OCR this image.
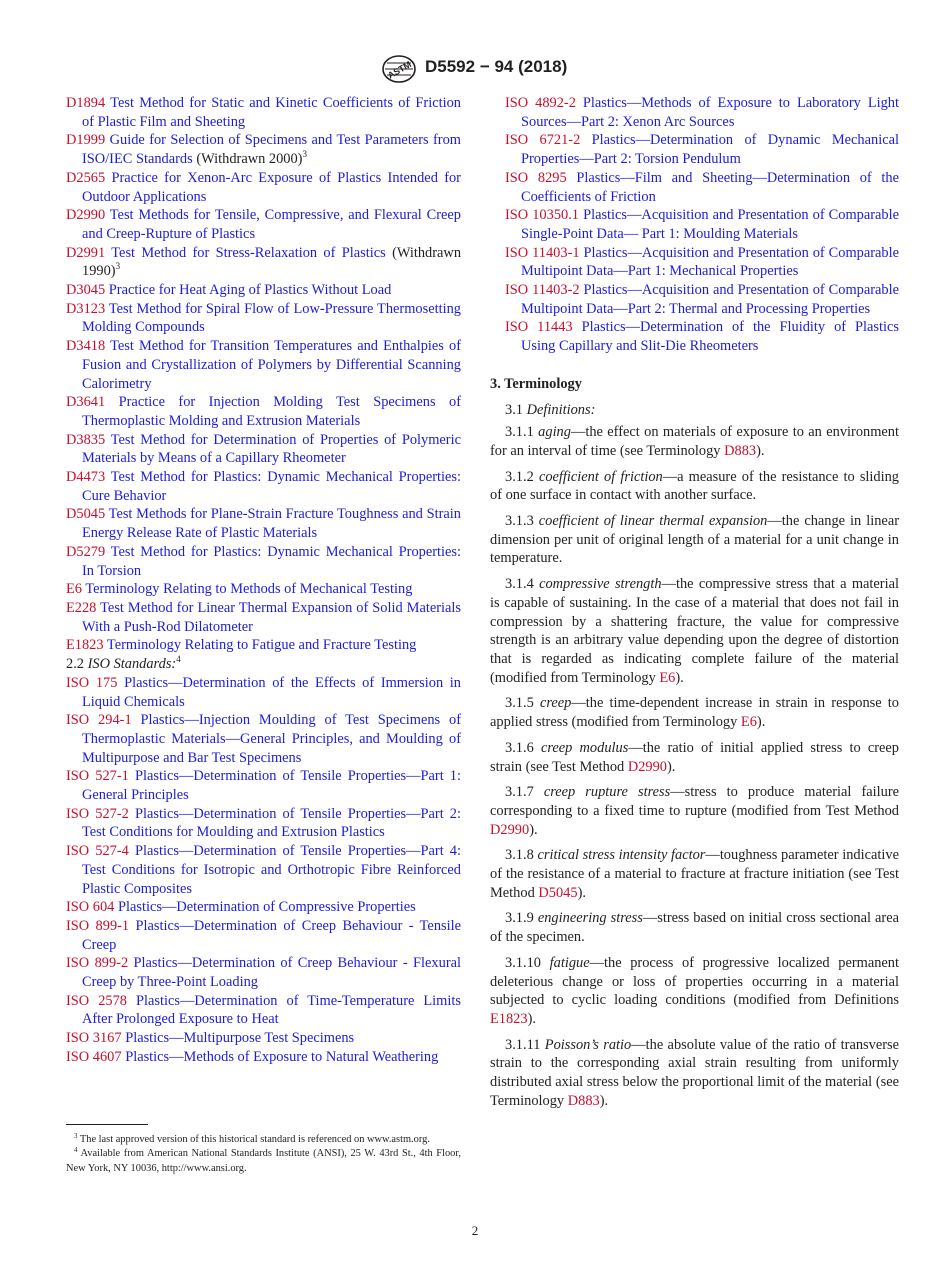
ASTM D5592 − 94 (2018)
D1894 Test Method for Static and Kinetic Coefficients of Friction of Plastic Film and Sheeting
D1999 Guide for Selection of Specimens and Test Parameters from ISO/IEC Standards (Withdrawn 2000)$^3$
D2565 Practice for Xenon-Arc Exposure of Plastics Intended for Outdoor Applications
D2990 Test Methods for Tensile, Compressive, and Flexural Creep and Creep-Rupture of Plastics
D2991 Test Method for Stress-Relaxation of Plastics (Withdrawn 1990)$^3$
D3045 Practice for Heat Aging of Plastics Without Load
D3123 Test Method for Spiral Flow of Low-Pressure Thermosetting Molding Compounds
D3418 Test Method for Transition Temperatures and Enthalpies of Fusion and Crystallization of Polymers by Differential Scanning Calorimetry
D3641 Practice for Injection Molding Test Specimens of Thermoplastic Molding and Extrusion Materials
D3835 Test Method for Determination of Properties of Polymeric Materials by Means of a Capillary Rheometer
D4473 Test Method for Plastics: Dynamic Mechanical Properties: Cure Behavior
D5045 Test Methods for Plane-Strain Fracture Toughness and Strain Energy Release Rate of Plastic Materials
D5279 Test Method for Plastics: Dynamic Mechanical Properties: In Torsion
E6 Terminology Relating to Methods of Mechanical Testing
E228 Test Method for Linear Thermal Expansion of Solid Materials With a Push-Rod Dilatometer
E1823 Terminology Relating to Fatigue and Fracture Testing
2.2 ISO Standards:$^4$
ISO 175 Plastics—Determination of the Effects of Immersion in Liquid Chemicals
ISO 294-1 Plastics—Injection Moulding of Test Specimens of Thermoplastic Materials—General Principles, and Moulding of Multipurpose and Bar Test Specimens
ISO 527-1 Plastics—Determination of Tensile Properties—Part 1: General Principles
ISO 527-2 Plastics—Determination of Tensile Properties—Part 2: Test Conditions for Moulding and Extrusion Plastics
ISO 527-4 Plastics—Determination of Tensile Properties—Part 4: Test Conditions for Isotropic and Orthotropic Fibre Reinforced Plastic Composites
ISO 604 Plastics—Determination of Compressive Properties
ISO 899-1 Plastics—Determination of Creep Behaviour - Tensile Creep
ISO 899-2 Plastics—Determination of Creep Behaviour - Flexural Creep by Three-Point Loading
ISO 2578 Plastics—Determination of Time-Temperature Limits After Prolonged Exposure to Heat
ISO 3167 Plastics—Multipurpose Test Specimens
ISO 4607 Plastics—Methods of Exposure to Natural Weathering
ISO 4892-2 Plastics—Methods of Exposure to Laboratory Light Sources—Part 2: Xenon Arc Sources
ISO 6721-2 Plastics—Determination of Dynamic Mechanical Properties—Part 2: Torsion Pendulum
ISO 8295 Plastics—Film and Sheeting—Determination of the Coefficients of Friction
ISO 10350.1 Plastics—Acquisition and Presentation of Comparable Single-Point Data— Part 1: Moulding Materials
ISO 11403-1 Plastics—Acquisition and Presentation of Comparable Multipoint Data—Part 1: Mechanical Properties
ISO 11403-2 Plastics—Acquisition and Presentation of Comparable Multipoint Data—Part 2: Thermal and Processing Properties
ISO 11443 Plastics—Determination of the Fluidity of Plastics Using Capillary and Slit-Die Rheometers
3. Terminology
3.1 Definitions:
3.1.1 aging—the effect on materials of exposure to an environment for an interval of time (see Terminology D883).
3.1.2 coefficient of friction—a measure of the resistance to sliding of one surface in contact with another surface.
3.1.3 coefficient of linear thermal expansion—the change in linear dimension per unit of original length of a material for a unit change in temperature.
3.1.4 compressive strength—the compressive stress that a material is capable of sustaining. In the case of a material that does not fail in compression by a shattering fracture, the value for compressive strength is an arbitrary value depending upon the degree of distortion that is regarded as indicating complete failure of the material (modified from Terminology E6).
3.1.5 creep—the time-dependent increase in strain in response to applied stress (modified from Terminology E6).
3.1.6 creep modulus—the ratio of initial applied stress to creep strain (see Test Method D2990).
3.1.7 creep rupture stress—stress to produce material failure corresponding to a fixed time to rupture (modified from Test Method D2990).
3.1.8 critical stress intensity factor—toughness parameter indicative of the resistance of a material to fracture at fracture initiation (see Test Method D5045).
3.1.9 engineering stress—stress based on initial cross sectional area of the specimen.
3.1.10 fatigue—the process of progressive localized permanent deleterious change or loss of properties occurring in a material subjected to cyclic loading conditions (modified from Definitions E1823).
3.1.11 Poisson’s ratio—the absolute value of the ratio of transverse strain to the corresponding axial strain resulting from uniformly distributed axial stress below the proportional limit of the material (see Terminology D883).
$^3$ The last approved version of this historical standard is referenced on www.astm.org.
$^4$ Available from American National Standards Institute (ANSI), 25 W. 43rd St., 4th Floor, New York, NY 10036, http://www.ansi.org.
2
